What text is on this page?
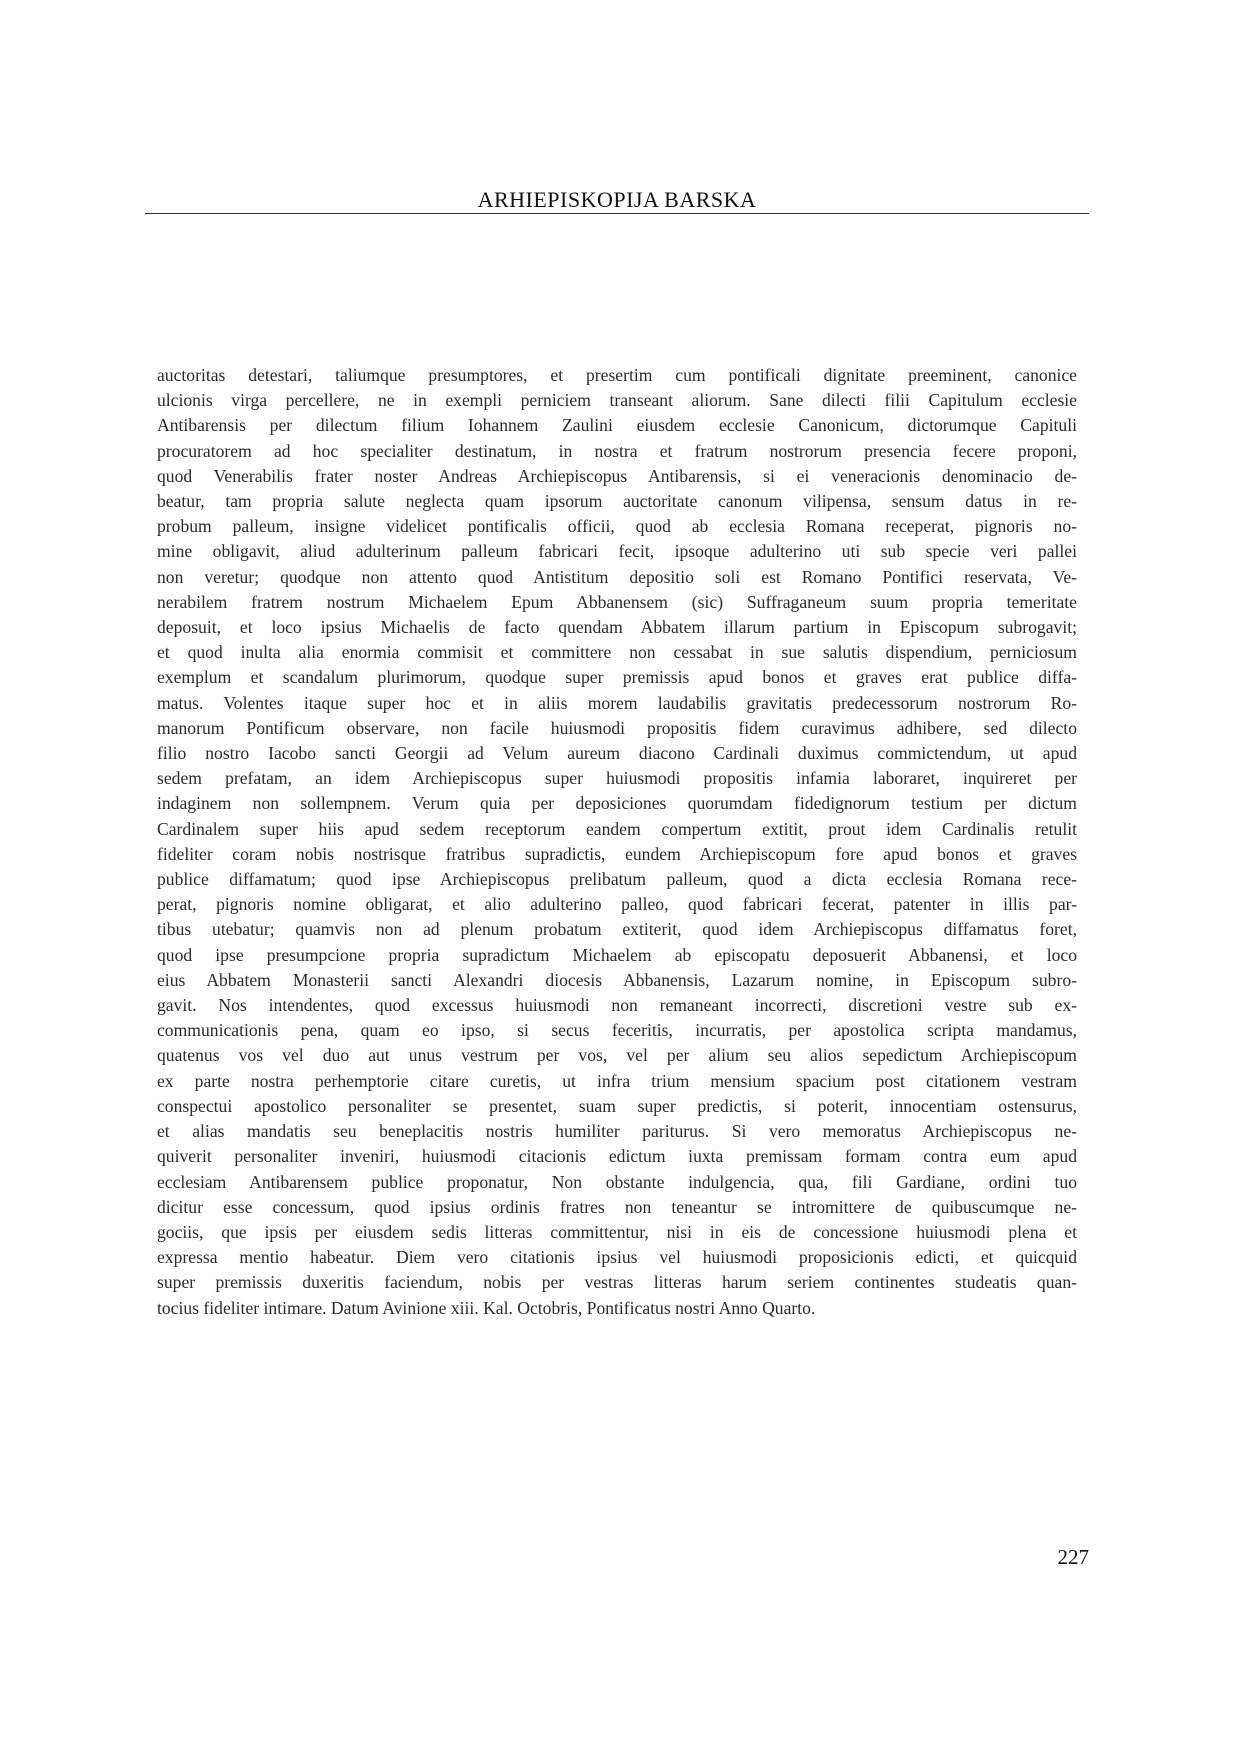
ARHIEPISKOPIJA BARSKA
auctoritas detestari, taliumque presumptores, et presertim cum pontificali dignitate preeminent, canonice
ulcionis virga percellere, ne in exempli perniciem transeant aliorum. Sane dilecti filii Capitulum ecclesie
Antibarensis per dilectum filium Iohannem Zaulini eiusdem ecclesie Canonicum, dictorumque Capituli
procuratorem ad hoc specialiter destinatum, in nostra et fratrum nostrorum presencia fecere proponi,
quod Venerabilis frater noster Andreas Archiepiscopus Antibarensis, si ei veneracionis denominacio de-
beatur, tam propria salute neglecta quam ipsorum auctoritate canonum vilipensa, sensum datus in re-
probum palleum, insigne videlicet pontificalis officii, quod ab ecclesia Romana receperat, pignoris no-
mine obligavit, aliud adulterinum palleum fabricari fecit, ipsoque adulterino uti sub specie veri pallei
non veretur; quodque non attento quod Antistitum depositio soli est Romano Pontifici reservata, Ve-
nerabilem fratrem nostrum Michaelem Epum Abbanensem (sic) Suffraganeum suum propria temeritate
deposuit, et loco ipsius Michaelis de facto quendam Abbatem illarum partium in Episcopum subrogavit;
et quod inulta alia enormia commisit et committere non cessabat in sue salutis dispendium, perniciosum
exemplum et scandalum plurimorum, quodque super premissis apud bonos et graves erat publice diffa-
matus. Volentes itaque super hoc et in aliis morem laudabilis gravitatis predecessorum nostrorum Ro-
manorum Pontificum observare, non facile huiusmodi propositis fidem curavimus adhibere, sed dilecto
filio nostro Iacobo sancti Georgii ad Velum aureum diacono Cardinali duximus commictendum, ut apud
sedem prefatam, an idem Archiepiscopus super huiusmodi propositis infamia laboraret, inquireret per
indaginem non sollempnem. Verum quia per deposiciones quorumdam fidedignorum testium per dictum
Cardinalem super hiis apud sedem receptorum eandem compertum extitit, prout idem Cardinalis retulit
fideliter coram nobis nostrisque fratribus supradictis, eundem Archiepiscopum fore apud bonos et graves
publice diffamatum; quod ipse Archiepiscopus prelibatum palleum, quod a dicta ecclesia Romana rece-
perat, pignoris nomine obligarat, et alio adulterino palleo, quod fabricari fecerat, patenter in illis par-
tibus utebatur; quamvis non ad plenum probatum extiterit, quod idem Archiepiscopus diffamatus foret,
quod ipse presumpcione propria supradictum Michaelem ab episcopatu deposuerit Abbanensi, et loco
eius Abbatem Monasterii sancti Alexandri diocesis Abbanensis, Lazarum nomine, in Episcopum subro-
gavit. Nos intendentes, quod excessus huiusmodi non remaneant incorrecti, discretioni vestre sub ex-
communicationis pena, quam eo ipso, si secus feceritis, incurratis, per apostolica scripta mandamus,
quatenus vos vel duo aut unus vestrum per vos, vel per alium seu alios sepedictum Archiepiscopum
ex parte nostra perhemptorie citare curetis, ut infra trium mensium spacium post citationem vestram
conspectui apostolico personaliter se presentet, suam super predictis, si poterit, innocentiam ostensurus,
et alias mandatis seu beneplacitis nostris humiliter pariturus. Si vero memoratus Archiepiscopus ne-
quiverit personaliter inveniri, huiusmodi citacionis edictum iuxta premissam formam contra eum apud
ecclesiam Antibarensem publice proponatur, Non obstante indulgencia, qua, fili Gardiane, ordini tuo
dicitur esse concessum, quod ipsius ordinis fratres non teneantur se intromittere de quibuscumque ne-
gociis, que ipsis per eiusdem sedis litteras committentur, nisi in eis de concessione huiusmodi plena et
expressa mentio habeatur. Diem vero citationis ipsius vel huiusmodi proposicionis edicti, et quicquid
super premissis duxeritis faciendum, nobis per vestras litteras harum seriem continentes studeatis quan-
tocius fideliter intimare. Datum Avinione xiii. Kal. Octobris, Pontificatus nostri Anno Quarto.
227
